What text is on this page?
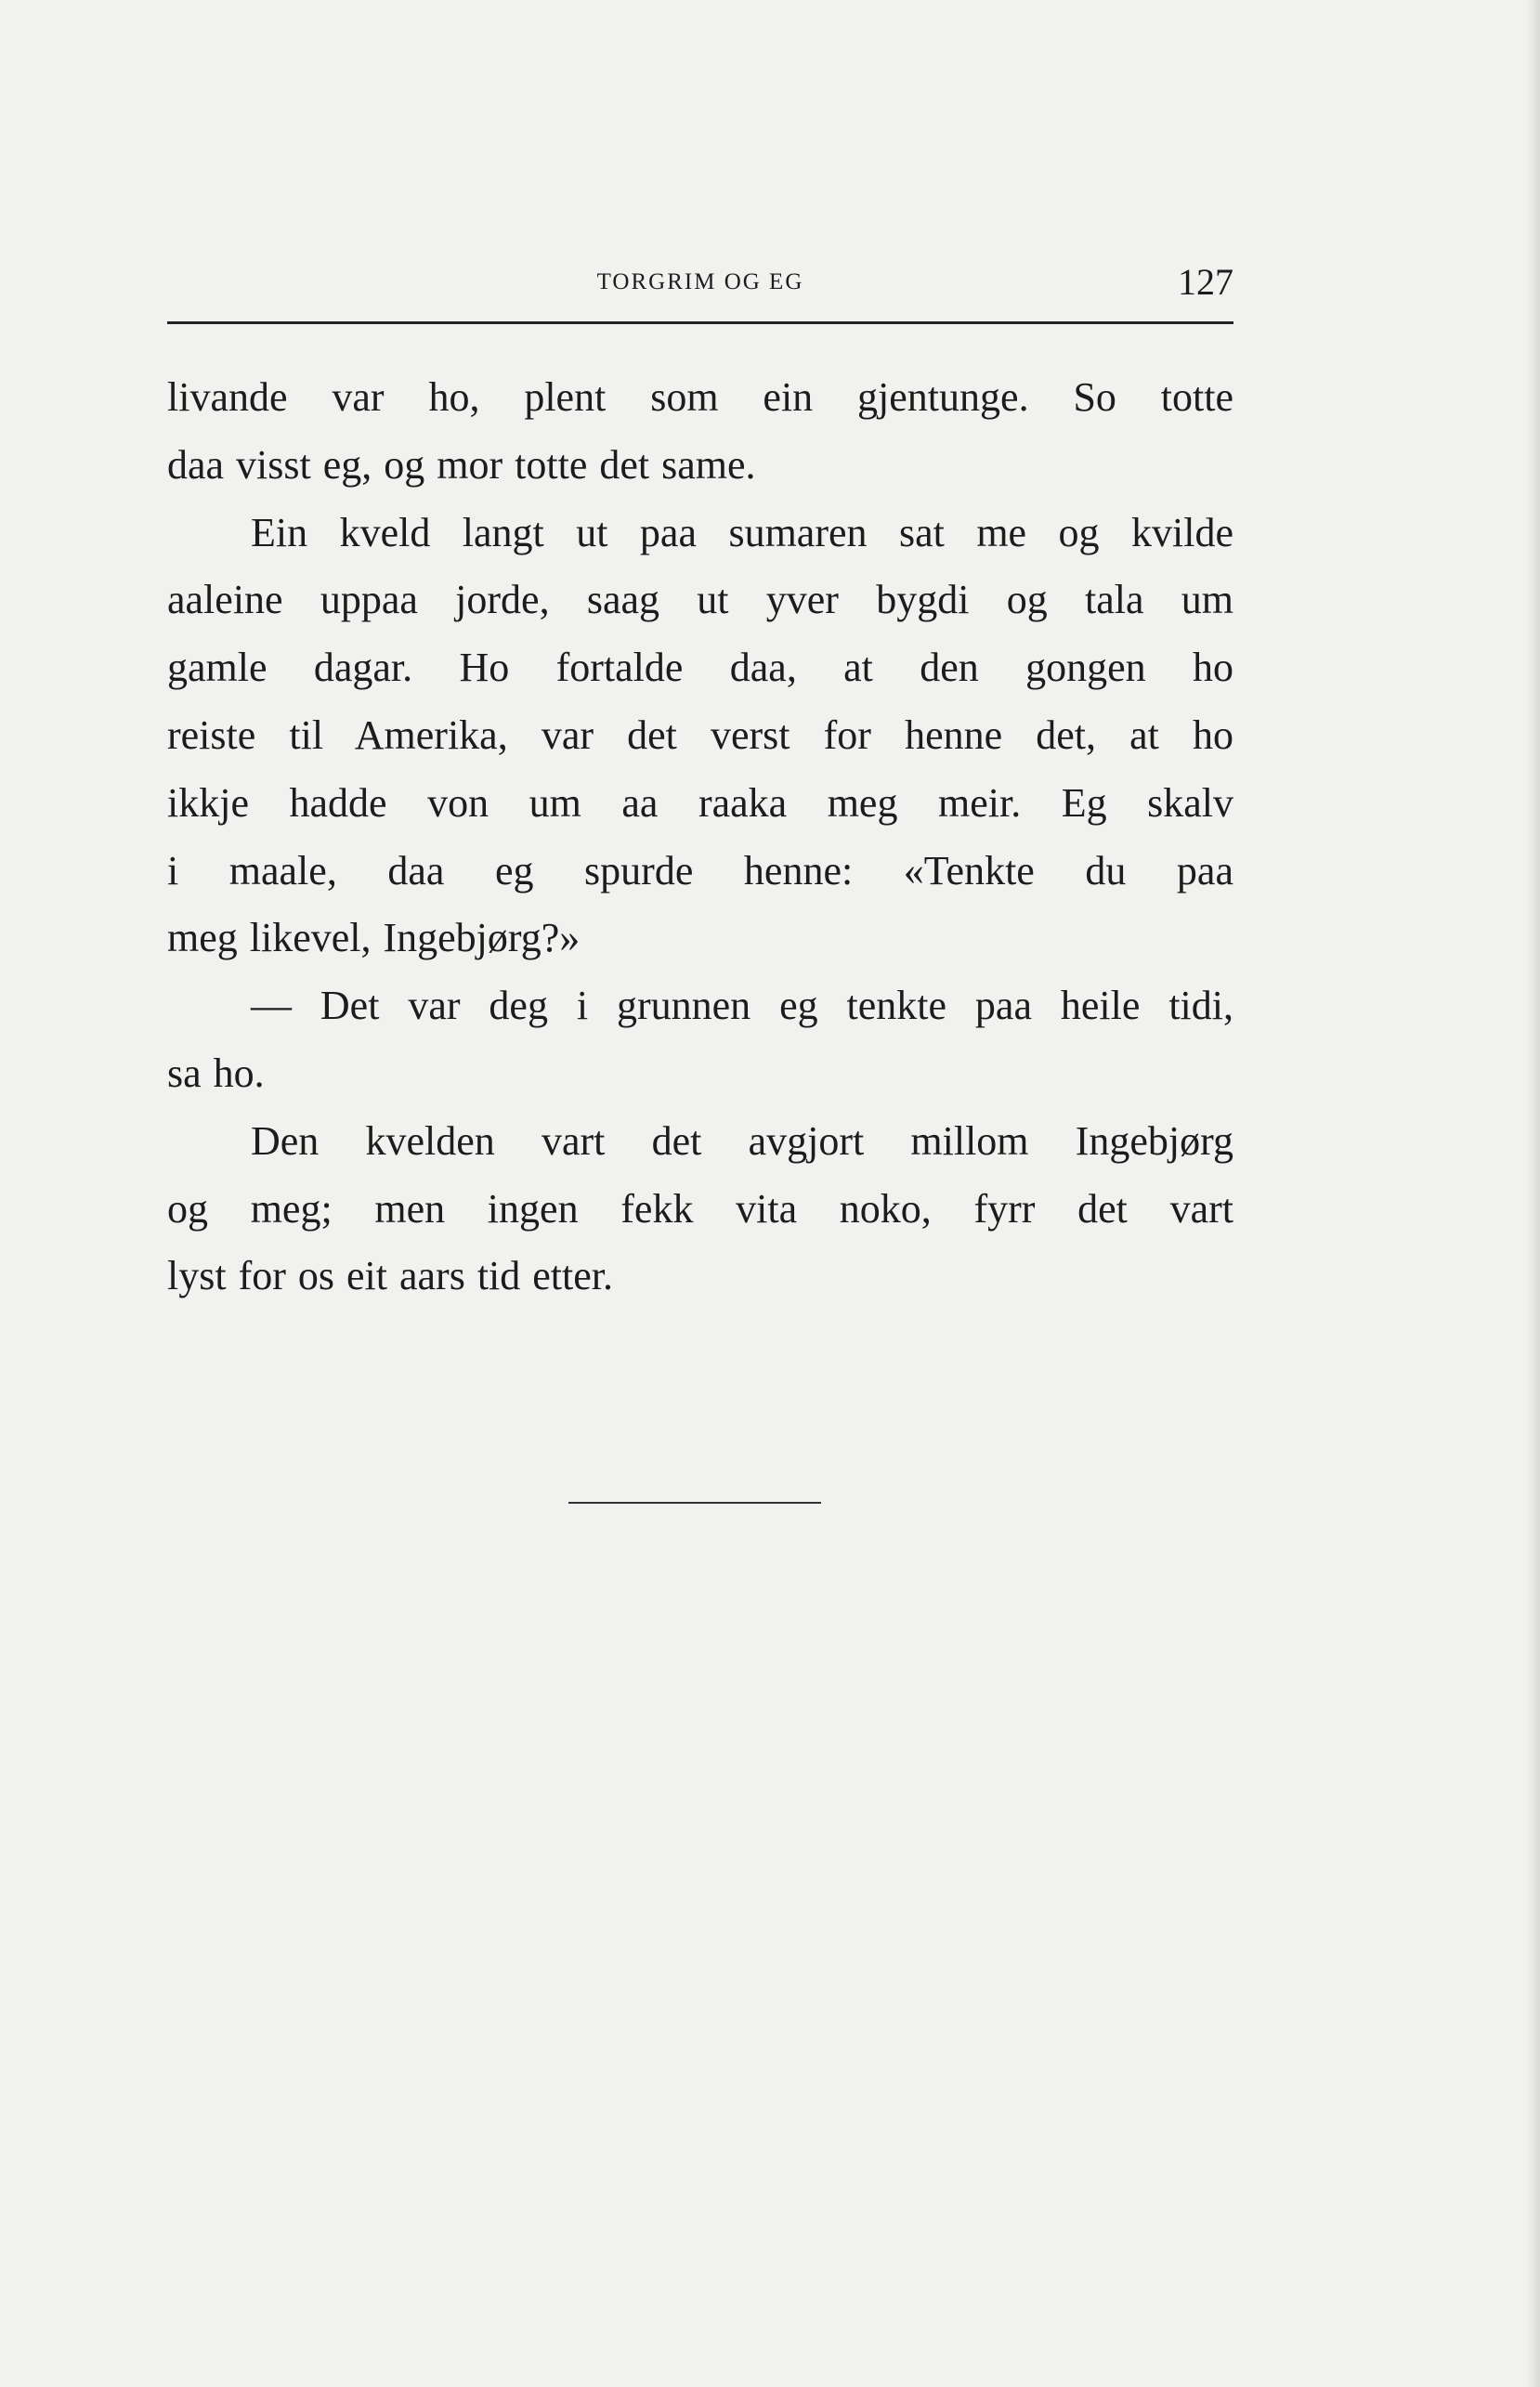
TORGRIM OG EG	127
livande var ho, plent som ein gjentunge. So totte
daa visst eg, og mor totte det same.
Ein kveld langt ut paa sumaren sat me og kvilde
aaleine uppaa jorde, saag ut yver bygdi og tala um
gamle dagar. Ho fortalde daa, at den gongen ho
reiste til Amerika, var det verst for henne det, at ho
ikkje hadde von um aa raaka meg meir. Eg skalv
i maale, daa eg spurde henne: «Tenkte du paa
meg likevel, Ingebjørg?»
— Det var deg i grunnen eg tenkte paa heile tidi,
sa ho.
Den kvelden vart det avgjort millom Ingebjørg
og meg; men ingen fekk vita noko, fyrr det vart
lyst for os eit aars tid etter.
